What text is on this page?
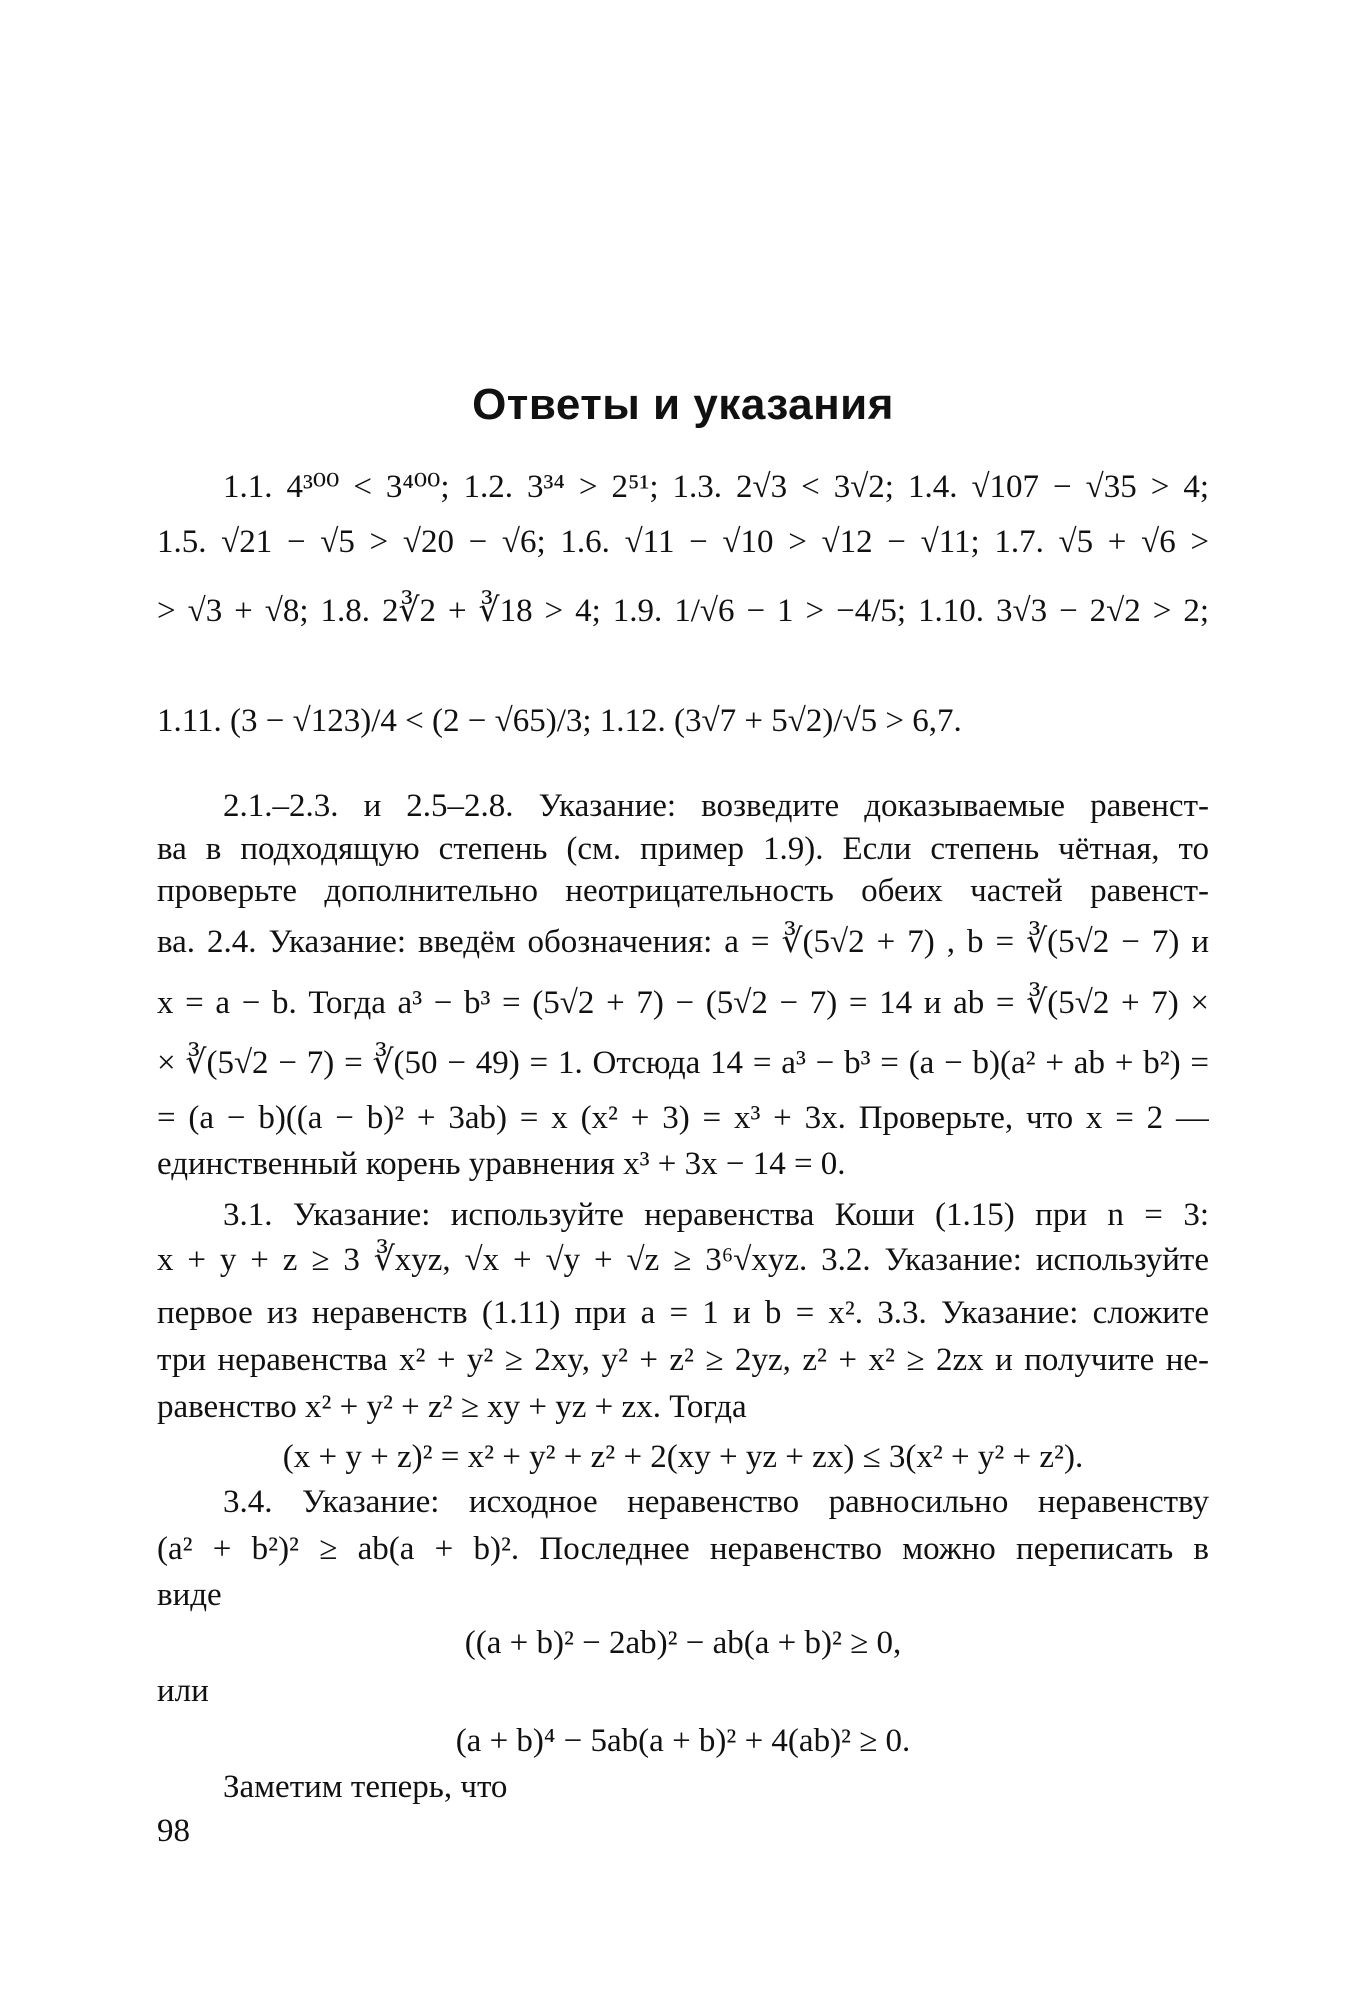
Ответы и указания
1.1. 4³⁰⁰ < 3⁴⁰⁰; 1.2. 3³⁴ > 2⁵¹; 1.3. 2√3 < 3√2; 1.4. √107 − √35 > 4;
1.5. √21 − √5 > √20 − √6; 1.6. √11 − √10 > √12 − √11; 1.7. √5 + √6 >
> √3 + √8; 1.8. 2∛2 + ∛18 > 4; 1.9. 1/√6 − 1 > −4/5; 1.10. 3√3 − 2√2 > 2;
1.11. (3 − √123)/4 < (2 − √65)/3; 1.12. (3√7 + 5√2)/√5 > 6,7.
2.1.–2.3. и 2.5–2.8. Указание: возведите доказываемые равенст-
ва в подходящую степень (см. пример 1.9). Если степень чётная, то
проверьте дополнительно неотрицательность обеих частей равенст-
ва. 2.4. Указание: введём обозначения: a = ∛(5√2 + 7) , b = ∛(5√2 − 7) и
x = a − b. Тогда a³ − b³ = (5√2 + 7) − (5√2 − 7) = 14 и ab = ∛(5√2 + 7) ×
× ∛(5√2 − 7) = ∛(50 − 49) = 1. Отсюда 14 = a³ − b³ = (a − b)(a² + ab + b²) =
= (a − b)((a − b)² + 3ab) = x (x² + 3) = x³ + 3x. Проверьте, что x = 2 —
единственный корень уравнения x³ + 3x − 14 = 0.
3.1. Указание: используйте неравенства Коши (1.15) при n = 3:
x + y + z ≥ 3 ∛xyz, √x + √y + √z ≥ 3⁶√xyz. 3.2. Указание: используйте
первое из неравенств (1.11) при a = 1 и b = x². 3.3. Указание: сложите
три неравенства x² + y² ≥ 2xy, y² + z² ≥ 2yz, z² + x² ≥ 2zx и получите не-
равенство x² + y² + z² ≥ xy + yz + zx. Тогда
(x + y + z)² = x² + y² + z² + 2(xy + yz + zx) ≤ 3(x² + y² + z²).
3.4. Указание: исходное неравенство равносильно неравенству
(a² + b²)² ≥ ab(a + b)². Последнее неравенство можно переписать в
виде
((a + b)² − 2ab)² − ab(a + b)² ≥ 0,
или
(a + b)⁴ − 5ab(a + b)² + 4(ab)² ≥ 0.
Заметим теперь, что
98
